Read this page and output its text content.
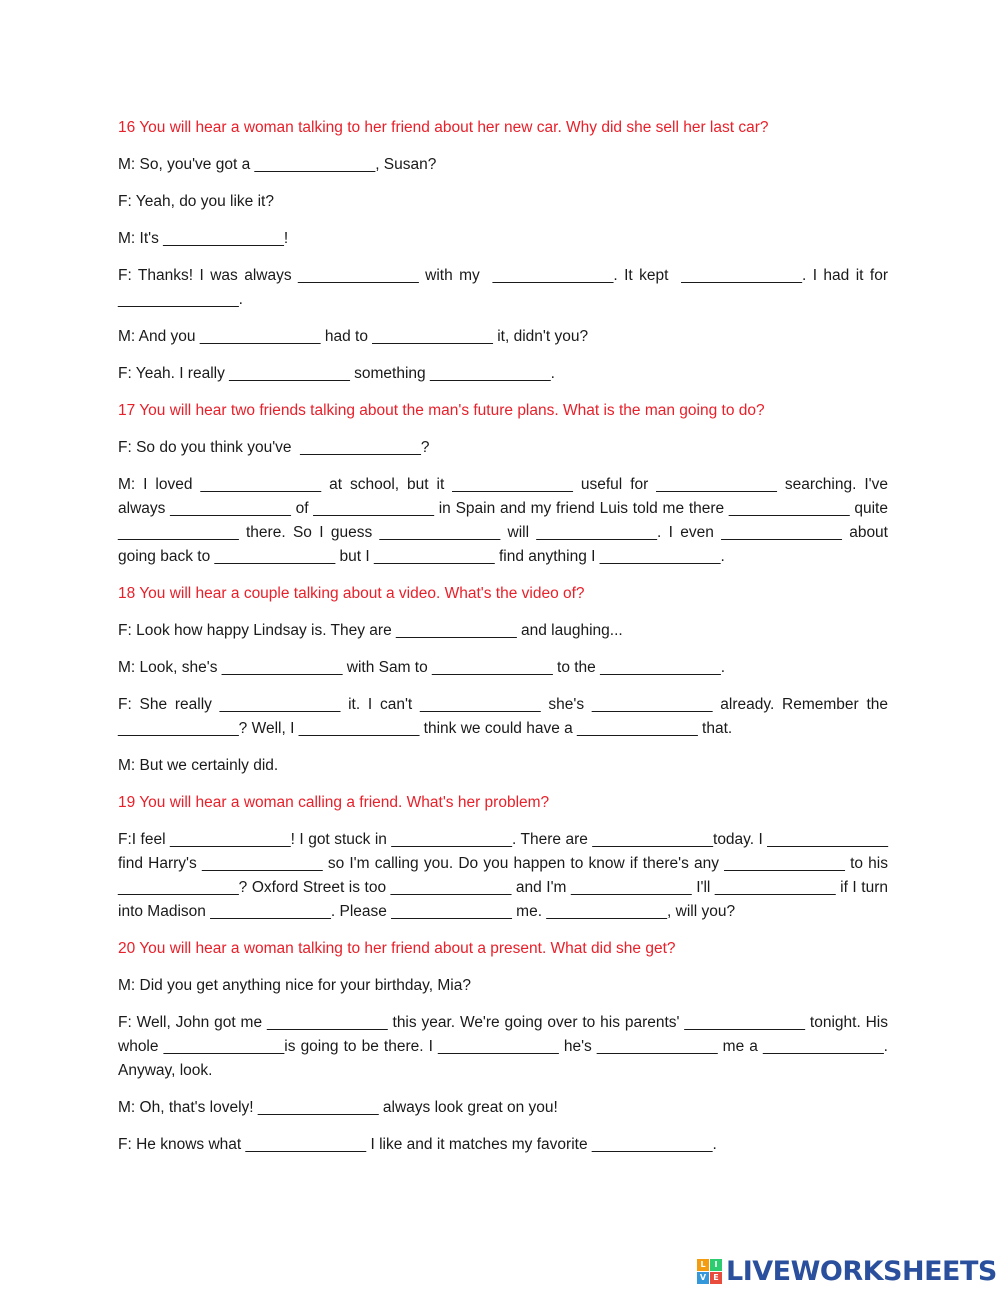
16 You will hear a woman talking to her friend about her new car. Why did she sell her last car?

M: So, you've got a ______________, Susan?

F: Yeah, do you like it?

M: It's ______________!

F: Thanks! I was always ______________ with my  ______________. It kept  ______________. I had it for ______________.

M: And you ______________ had to ______________ it, didn't you?

F: Yeah. I really ______________ something ______________.

17 You will hear two friends talking about the man's future plans. What is the man going to do?

F: So do you think you've  ______________?

M: I loved ______________ at school, but it ______________ useful for ______________ searching. I've always ______________ of ______________ in Spain and my friend Luis told me there ______________ quite ______________ there. So I guess ______________ will ______________. I even ______________ about going back to ______________ but I ______________ find anything I ______________.

18 You will hear a couple talking about a video. What's the video of?

F: Look how happy Lindsay is. They are ______________ and laughing...

M: Look, she's ______________ with Sam to ______________ to the ______________.

F: She really ______________ it. I can't ______________ she's ______________ already. Remember the ______________? Well, I ______________ think we could have a ______________ that.

M: But we certainly did.

19 You will hear a woman calling a friend. What's her problem?

F:I feel ______________! I got stuck in ______________. There are ______________today. I ______________ find Harry's ______________ so I'm calling you. Do you happen to know if there's any ______________ to his ______________? Oxford Street is too ______________ and I'm ______________ I'll ______________ if I turn into Madison ______________. Please ______________ me. ______________, will you?

20 You will hear a woman talking to her friend about a present. What did she get?

M: Did you get anything nice for your birthday, Mia?

F: Well, John got me ______________ this year. We're going over to his parents' ______________ tonight. His whole ______________is going to be there. I ______________ he's ______________ me a ______________. Anyway, look.

M: Oh, that's lovely! ______________ always look great on you!

F: He knows what ______________ I like and it matches my favorite ______________.

L	I
V E LIVEWORKSHEETS
